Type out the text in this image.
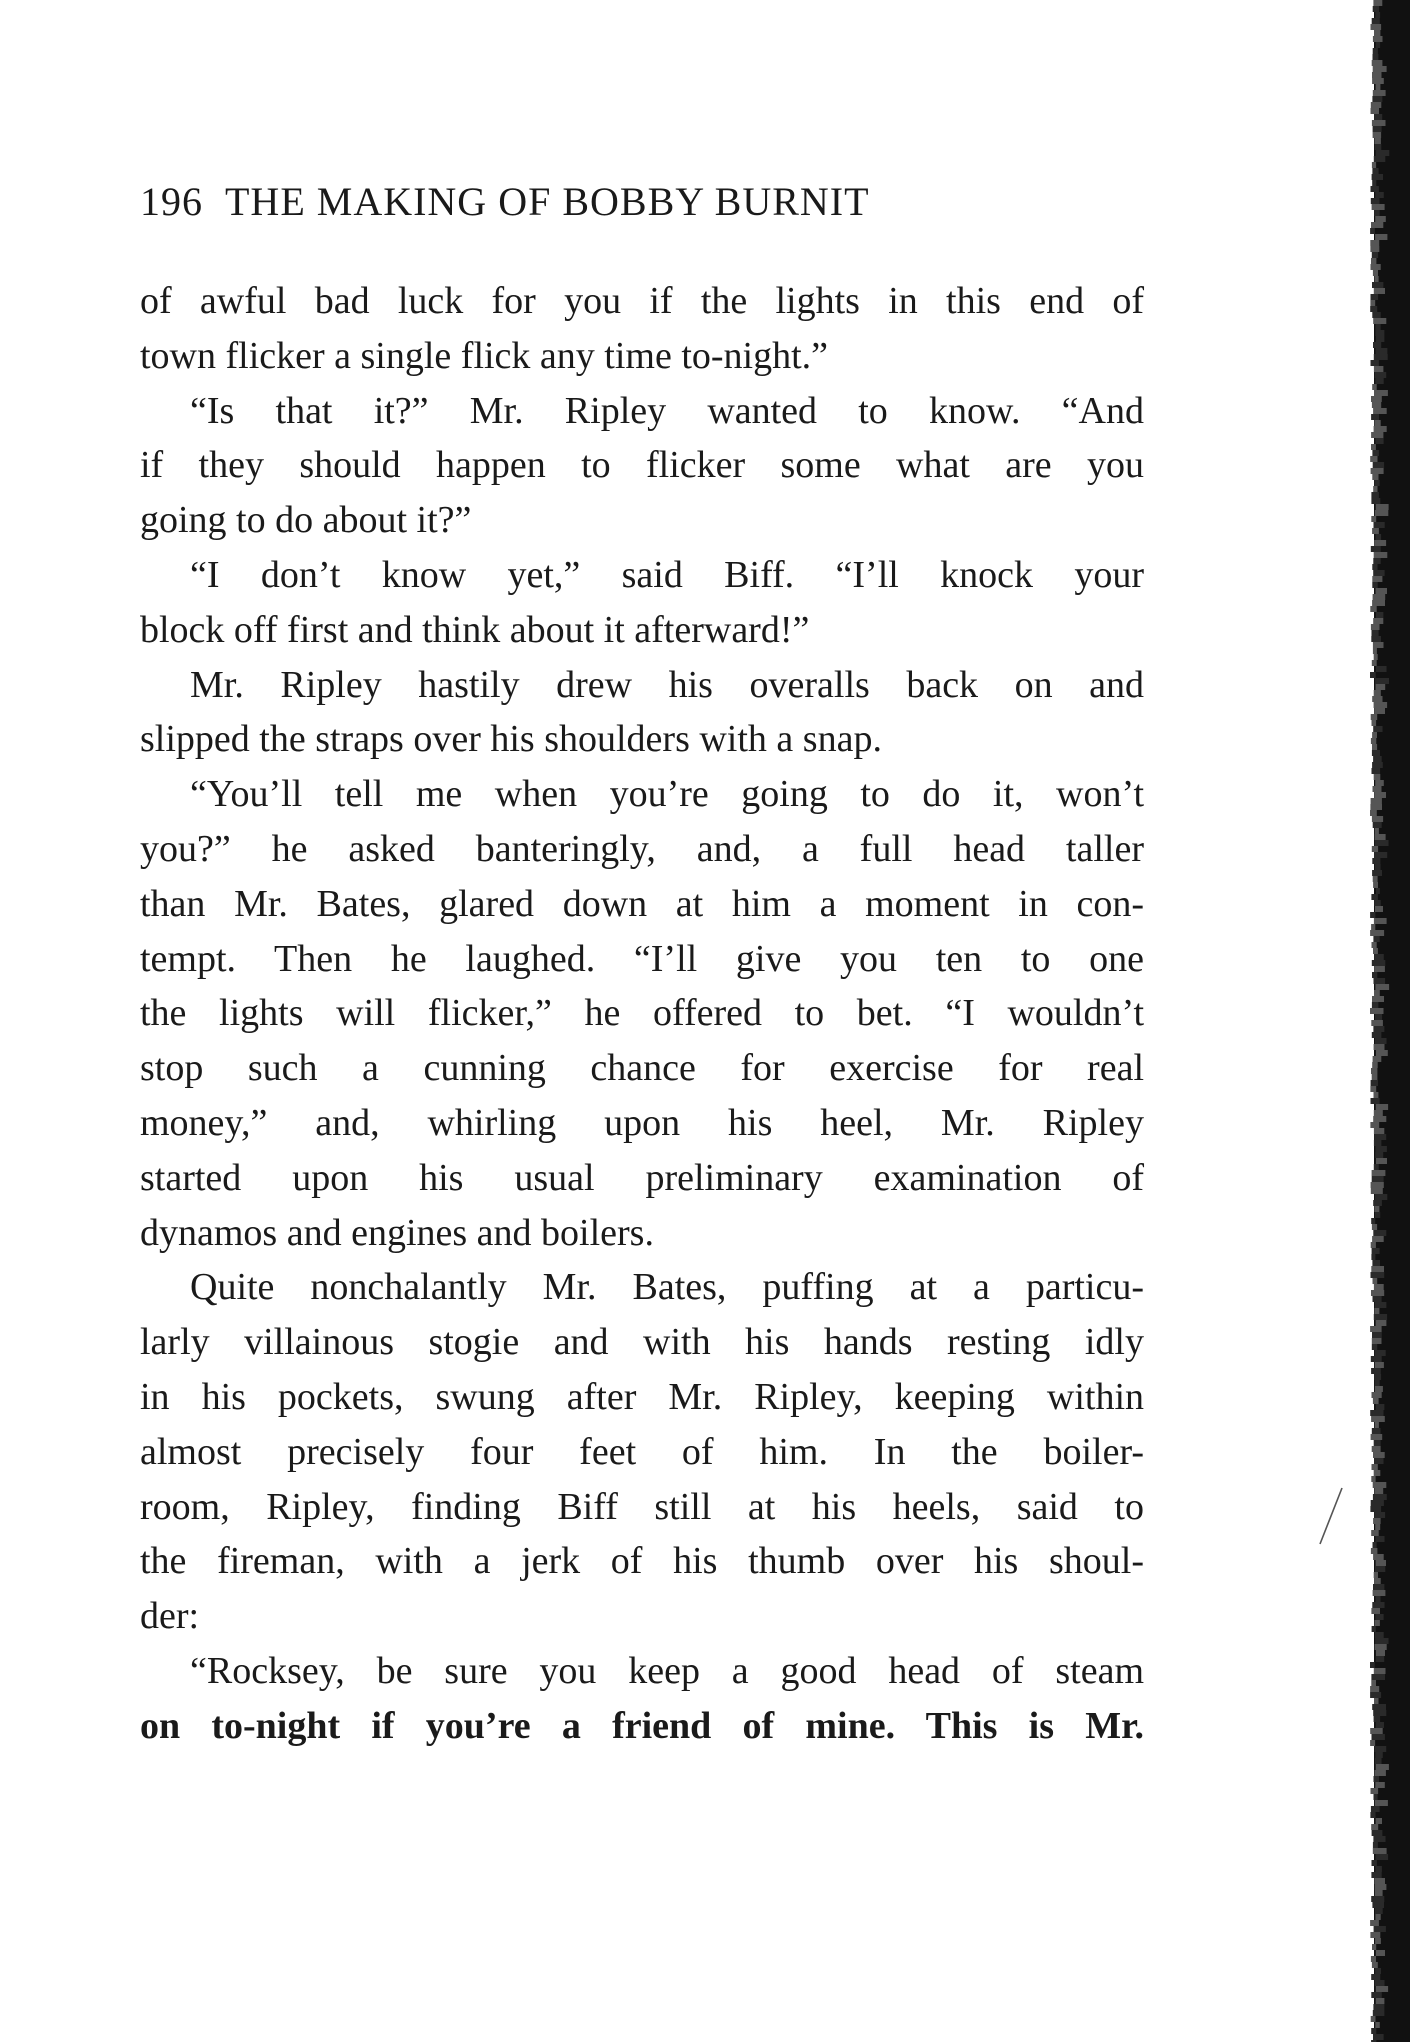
196 THE MAKING OF BOBBY BURNIT
of awful bad luck for you if the lights in this end of
town flicker a single flick any time to-night.”
“Is that it?” Mr. Ripley wanted to know. “And
if they should happen to flicker some what are you
going to do about it?”
“I don’t know yet,” said Biff. “I’ll knock your
block off first and think about it afterward!”
Mr. Ripley hastily drew his overalls back on and
slipped the straps over his shoulders with a snap.
“You’ll tell me when you’re going to do it, won’t
you?” he asked banteringly, and, a full head taller
than Mr. Bates, glared down at him a moment in con-
tempt. Then he laughed. “I’ll give you ten to one
the lights will flicker,” he offered to bet. “I wouldn’t
stop such a cunning chance for exercise for real
money,” and, whirling upon his heel, Mr. Ripley
started upon his usual preliminary examination of
dynamos and engines and boilers.
Quite nonchalantly Mr. Bates, puffing at a particu-
larly villainous stogie and with his hands resting idly
in his pockets, swung after Mr. Ripley, keeping within
almost precisely four feet of him. In the boiler-
room, Ripley, finding Biff still at his heels, said to
the fireman, with a jerk of his thumb over his shoul-
der:
“Rocksey, be sure you keep a good head of steam
on to-night if you’re a friend of mine. This is Mr.
